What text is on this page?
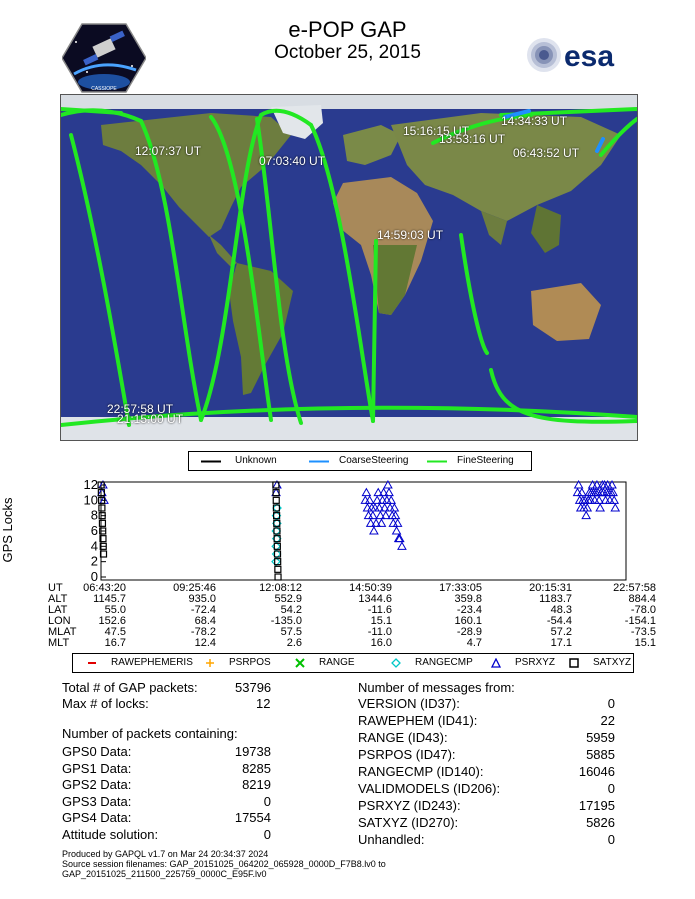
e-POP GAP
October 25, 2015
CASSIOPE
esa
12:07:37 UT
07:03:40 UT
15:16:15 UT
14:34:33 UT
13:53:16 UT
06:43:52 UT
14:59:03 UT
22:57:58 UT
21:15:00 UT
Unknown	CoarseSteering	FineSteering
GPS Locks
0
2
4
6
8
10
12
UT 06:43:20	09:25:46	12:08:12	14:50:39	17:33:05	20:15:31	22:57:58
ALT 1145.7	935.0	552.9	1344.6	359.8	1183.7	884.4
LAT	55.0	-72.4	54.2	-11.6	-23.4	48.3	-78.0
LON	152.6	68.4	-135.0	15.1	160.1	-54.4	-154.1
MLAT	47.5	-78.2	57.5	-11.0	-28.9	57.2	-73.5
MLT	16.7	12.4	2.6	16.0	4.7	17.1	15.1
RAWEPHEMERIS	PSRPOS	RANGE	RANGECMP	PSRXYZ	SATXYZ
Total # of GAP packets:	53796
Max # of locks:	12
Number of packets containing:
GPS0 Data:	19738
GPS1 Data:	8285
GPS2 Data:	8219
GPS3 Data:	0
GPS4 Data:	17554
Attitude solution:	0
Number of messages from:
VERSION (ID37):	0
RAWEPHEM (ID41):	22
RANGE (ID43):	5959
PSRPOS (ID47):	5885
RANGECMP (ID140):	16046
VALIDMODELS (ID206):	0
PSRXYZ (ID243):	17195
SATXYZ (ID270):	5826
Unhandled:	0
Produced by GAPQL v1.7 on Mar 24 20:34:37 2024
Source session filenames: GAP_20151025_064202_065928_0000D_F7B8.lv0 to
GAP_20151025_211500_225759_0000C_E95F.lv0
